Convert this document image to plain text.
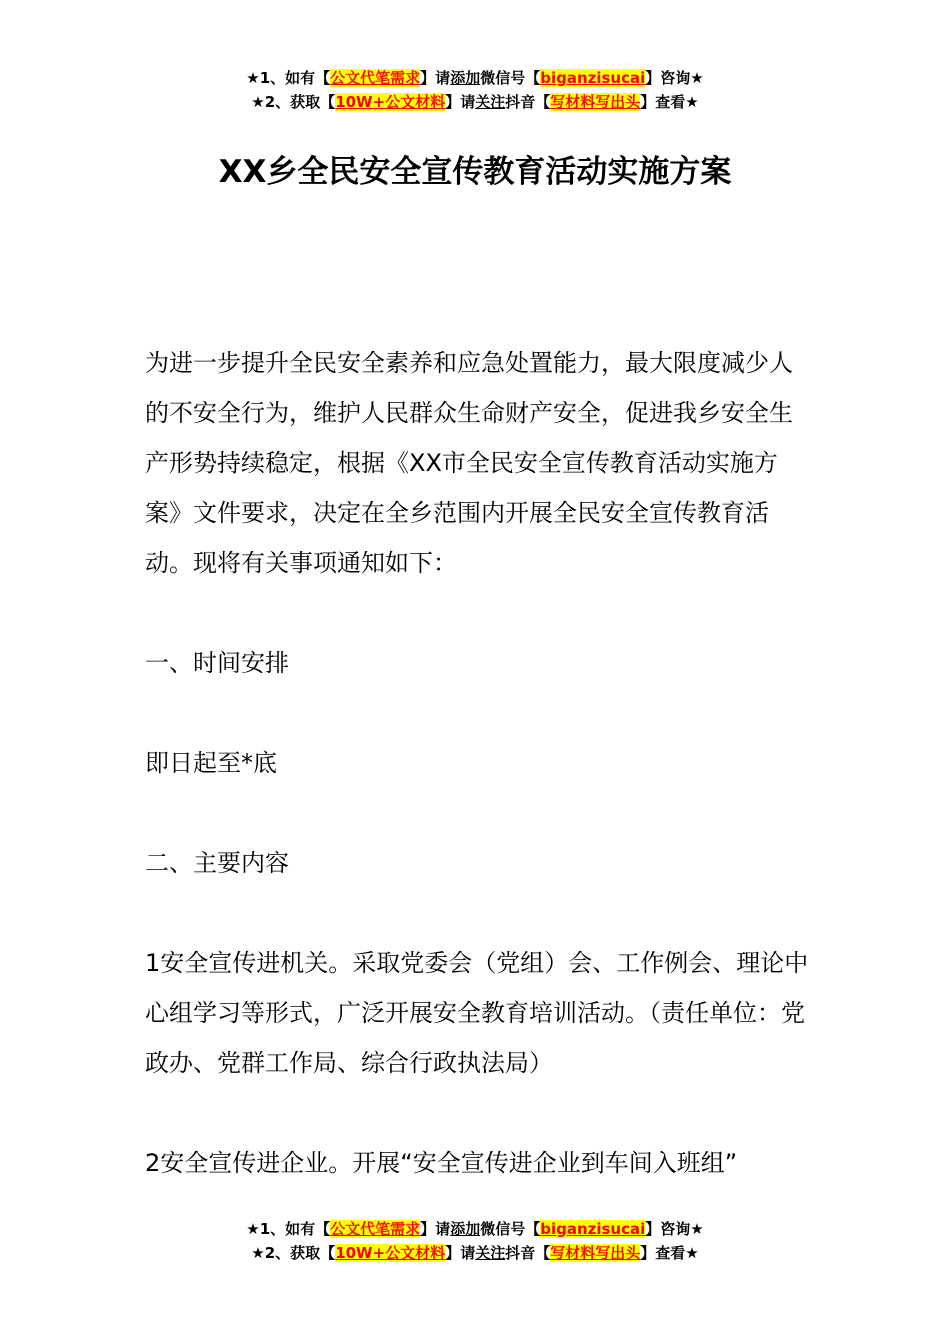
★1、如有【公文代笔需求】请添加微信号【biganzisucai】咨询★
★2、获取【10W+公文材料】请关注抖音【写材料写出头】查看★
XX乡全民安全宣传教育活动实施方案

为进一步提升全民安全素养和应急处置能力，最大限度减少人的不安全行为，维护人民群众生命财产安全，促进我乡安全生产形势持续稳定，根据《XX市全民安全宣传教育活动实施方案》文件要求，决定在全乡范围内开展全民安全宣传教育活动。现将有关事项通知如下：

一、时间安排

即日起至*底

二、主要内容

1安全宣传进机关。采取党委会（党组）会、工作例会、理论中心组学习等形式，广泛开展安全教育培训活动。（责任单位：党政办、党群工作局、综合行政执法局）

2安全宣传进企业。开展“安全宣传进企业到车间入班组”

★1、如有【公文代笔需求】请添加微信号【biganzisucai】咨询★
★2、获取【10W+公文材料】请关注抖音【写材料写出头】查看★
